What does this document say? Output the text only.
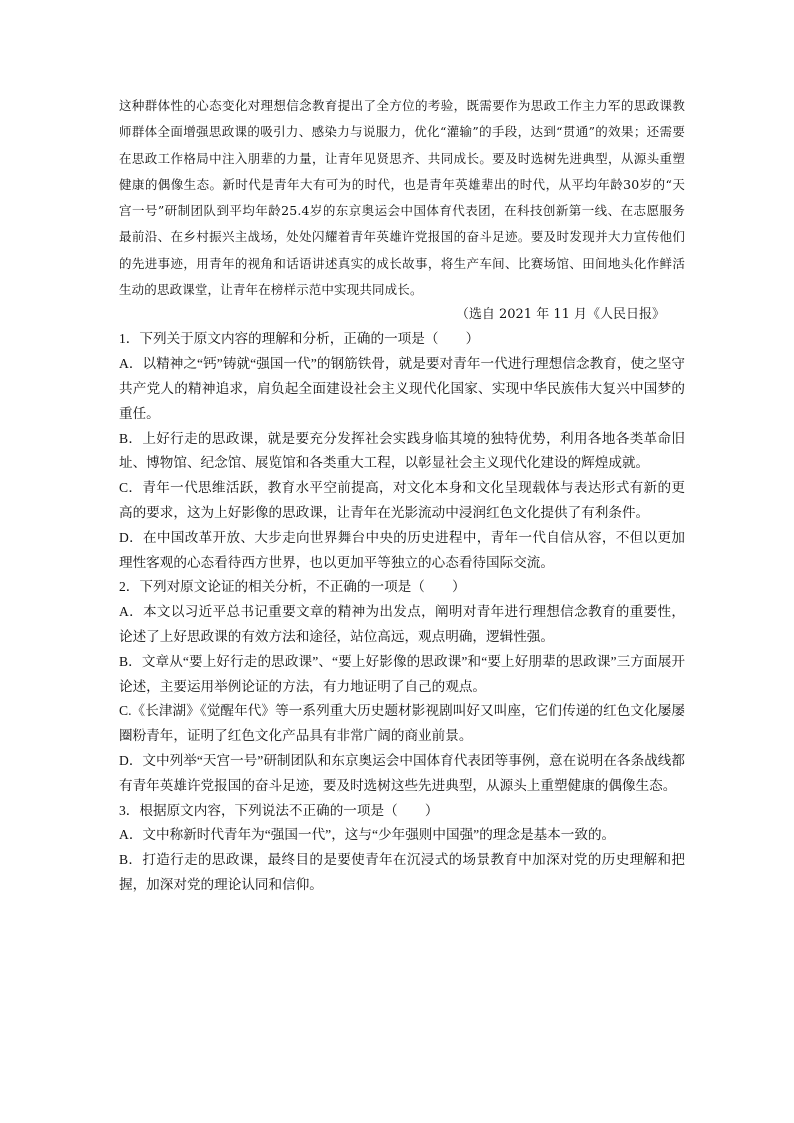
这种群体性的心态变化对理想信念教育提出了全方位的考验，既需要作为思政工作主力军的思政课教师群体全面增强思政课的吸引力、感染力与说服力，优化“灌输”的手段，达到“贯通”的效果；还需要在思政工作格局中注入朋辈的力量，让青年见贤思齐、共同成长。要及时选树先进典型，从源头重塑健康的偶像生态。新时代是青年大有可为的时代，也是青年英雄辈出的时代，从平均年龄30岁的“天宫一号”研制团队到平均年龄25.4岁的东京奥运会中国体育代表团，在科技创新第一线、在志愿服务最前沿、在乡村振兴主战场，处处闪耀着青年英雄许党报国的奋斗足迹。要及时发现并大力宣传他们的先进事迹，用青年的视角和话语讲述真实的成长故事，将生产车间、比赛场馆、田间地头化作鲜活生动的思政课堂，让青年在榜样示范中实现共同成长。

（选自 2021 年 11 月《人民日报》

1．下列关于原文内容的理解和分析，正确的一项是（　　）

A．以精神之“钙”铸就“强国一代”的钢筋铁骨，就是要对青年一代进行理想信念教育，使之坚守共产党人的精神追求，肩负起全面建设社会主义现代化国家、实现中华民族伟大复兴中国梦的重任。

B．上好行走的思政课，就是要充分发挥社会实践身临其境的独特优势，利用各地各类革命旧址、博物馆、纪念馆、展览馆和各类重大工程，以彰显社会主义现代化建设的辉煌成就。

C．青年一代思维活跃，教育水平空前提高，对文化本身和文化呈现载体与表达形式有新的更高的要求，这为上好影像的思政课，让青年在光影流动中浸润红色文化提供了有利条件。

D．在中国改革开放、大步走向世界舞台中央的历史进程中，青年一代自信从容，不但以更加理性客观的心态看待西方世界，也以更加平等独立的心态看待国际交流。

2．下列对原文论证的相关分析，不正确的一项是（　　）

A．本文以习近平总书记重要文章的精神为出发点，阐明对青年进行理想信念教育的重要性，论述了上好思政课的有效方法和途径，站位高远，观点明确，逻辑性强。

B．文章从“要上好行走的思政课”、“要上好影像的思政课”和“要上好朋辈的思政课”三方面展开论述，主要运用举例论证的方法，有力地证明了自己的观点。

C.《长津湖》《觉醒年代》等一系列重大历史题材影视剧叫好又叫座，它们传递的红色文化屡屡圈粉青年，证明了红色文化产品具有非常广阔的商业前景。

D．文中列举“天宫一号”研制团队和东京奥运会中国体育代表团等事例，意在说明在各条战线都有青年英雄许党报国的奋斗足迹，要及时选树这些先进典型，从源头上重塑健康的偶像生态。

3．根据原文内容，下列说法不正确的一项是（　　）

A．文中称新时代青年为“强国一代”，这与“少年强则中国强”的理念是基本一致的。

B．打造行走的思政课，最终目的是要使青年在沉浸式的场景教育中加深对党的历史理解和把握，加深对党的理论认同和信仰。
